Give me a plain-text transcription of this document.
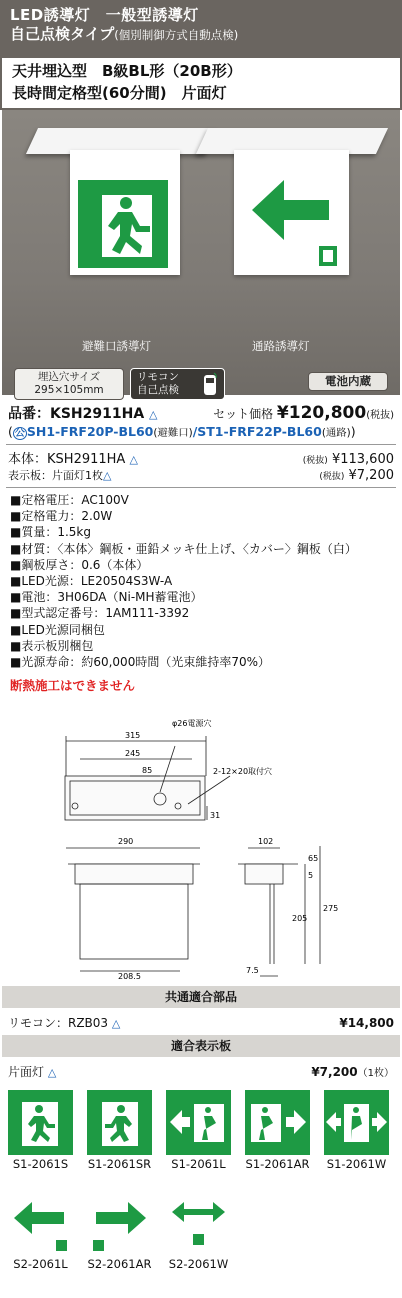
LED誘導灯　一般型誘導灯
自己点検タイプ(個別制御方式自動点検)
天井埋込型　B級BL形（20B形）
長時間定格型(60分間)　片面灯
避難口誘導灯	通路誘導灯
埋込穴サイズ
295×105mm
リモコン
自己点検
電池内蔵
品番：KSH2911HA △	セット価格 ¥120,800(税抜)
( 公 SH1-FRF20P-BL60(避難口)/ST1-FRF22P-BL60(通路))
本体：KSH2911HA △	(税抜) ¥113,600
表示板：片面灯1枚△	(税抜) ¥7,200
■定格電圧：AC100V
■定格電力：2.0W
■質量：1.5kg
■材質：〈本体〉鋼板・亜鉛メッキ仕上げ、〈カバー〉鋼板（白）
■鋼板厚さ：0.6（本体）
■LED光源：LE20504S3W-A
■電池：3H06DA（Ni-MH蓄電池）
■型式認定番号：1AM111-3392
■LED光源同梱包
■表示板別梱包
■光源寿命：約60,000時間（光束維持率70%）
断熱施工はできません
315
245
85
φ26電源穴
2-12×20取付穴
31
290
208.5
102
65
5
205
275
7.5
共通適合部品
リモコン：RZB03 △	¥14,800
適合表示板
片面灯 △	¥7,200（1枚）
S1-2061S	S1-2061SR	S1-2061L	S1-2061AR S1-2061W
S2-2061L	S2-2061AR S2-2061W
